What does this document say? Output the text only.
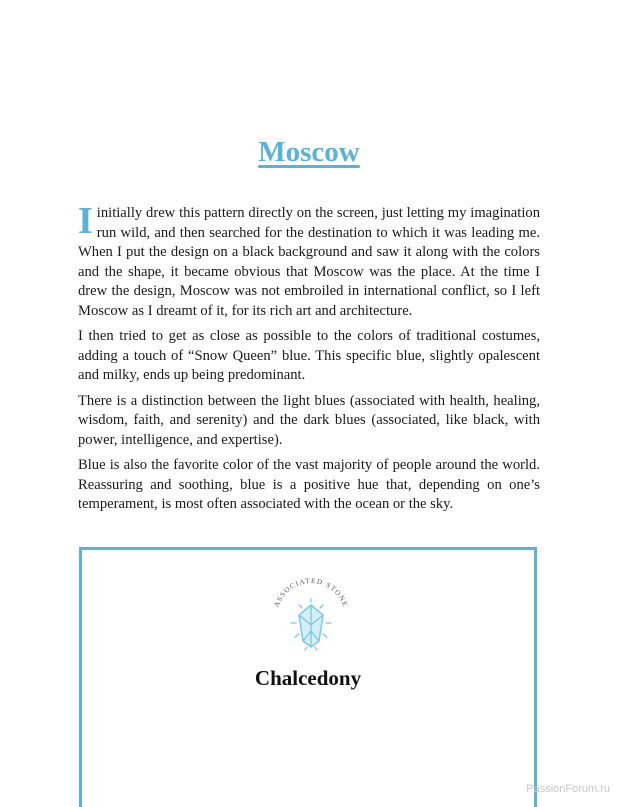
Moscow

Iinitially drew this pattern directly on the screen, just letting my imagination run wild, and then searched for the destination to which it was leading me. When I put the design on a black background and saw it along with the colors and the shape, it became obvious that Moscow was the place. At the time I drew the design, Moscow was not embroiled in international conflict, so I left Moscow as I dreamt of it, for its rich art and architecture.

I then tried to get as close as possible to the colors of traditional costumes, adding a touch of “Snow Queen” blue. This specific blue, slightly opalescent and milky, ends up being predominant.

There is a distinction between the light blues (associated with health, healing, wisdom, faith, and serenity) and the dark blues (associated, like black, with power, intelligence, and expertise).

Blue is also the favorite color of the vast majority of people around the world. Reassuring and soothing, blue is a positive hue that, depending on one’s temperament, is most often associated with the ocean or the sky.

ASSOCIATED STONE
Chalcedony
PassionForum.ru
